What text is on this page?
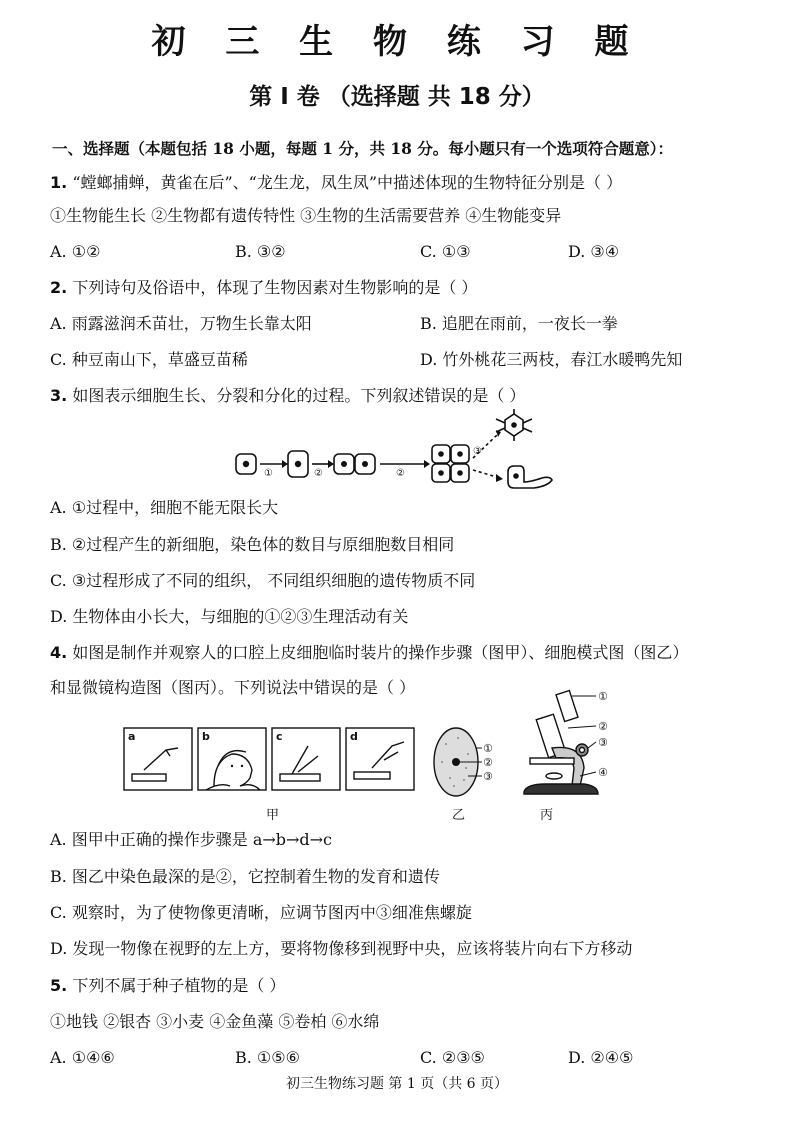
初 三 生 物 练 习 题
第 Ⅰ 卷 （选择题 共 18 分）
一、选择题（本题包括 18 小题，每题 1 分，共 18 分。每小题只有一个选项符合题意）：
1. “螳螂捕蝉，黄雀在后”、“龙生龙，凤生凤”中描述体现的生物特征分别是（ ）
①生物能生长 ②生物都有遗传特性 ③生物的生活需要营养 ④生物能变异
A. ①②	B. ③②	C. ①③	D. ③④
2. 下列诗句及俗语中，体现了生物因素对生物影响的是（ ）
A. 雨露滋润禾苗壮，万物生长靠太阳	B. 追肥在雨前，一夜长一拳
C. 种豆南山下，草盛豆苗稀	D. 竹外桃花三两枝，春江水暖鸭先知
3. 如图表示细胞生长、分裂和分化的过程。下列叙述错误的是（ ）
①	②	②
③
A. ①过程中，细胞不能无限长大
B. ②过程产生的新细胞，染色体的数目与原细胞数目相同
C. ③过程形成了不同的组织， 不同组织细胞的遗传物质不同
D. 生物体由小长大，与细胞的①②③生理活动有关
4. 如图是制作并观察人的口腔上皮细胞临时装片的操作步骤（图甲）、细胞模式图（图乙）
和显微镜构造图（图丙）。下列说法中错误的是（ ）
a	b	c	d
①
②
③
①
②
③
④
甲	乙	丙
A. 图甲中正确的操作步骤是 a→b→d→c
B. 图乙中染色最深的是②，它控制着生物的发育和遗传
C. 观察时，为了使物像更清晰，应调节图丙中③细准焦螺旋
D. 发现一物像在视野的左上方，要将物像移到视野中央，应该将装片向右下方移动
5. 下列不属于种子植物的是（ ）
①地钱 ②银杏 ③小麦 ④金鱼藻 ⑤卷柏 ⑥水绵
A. ①④⑥	B. ①⑤⑥	C. ②③⑤	D. ②④⑤
初三生物练习题 第 1 页（共 6 页）
